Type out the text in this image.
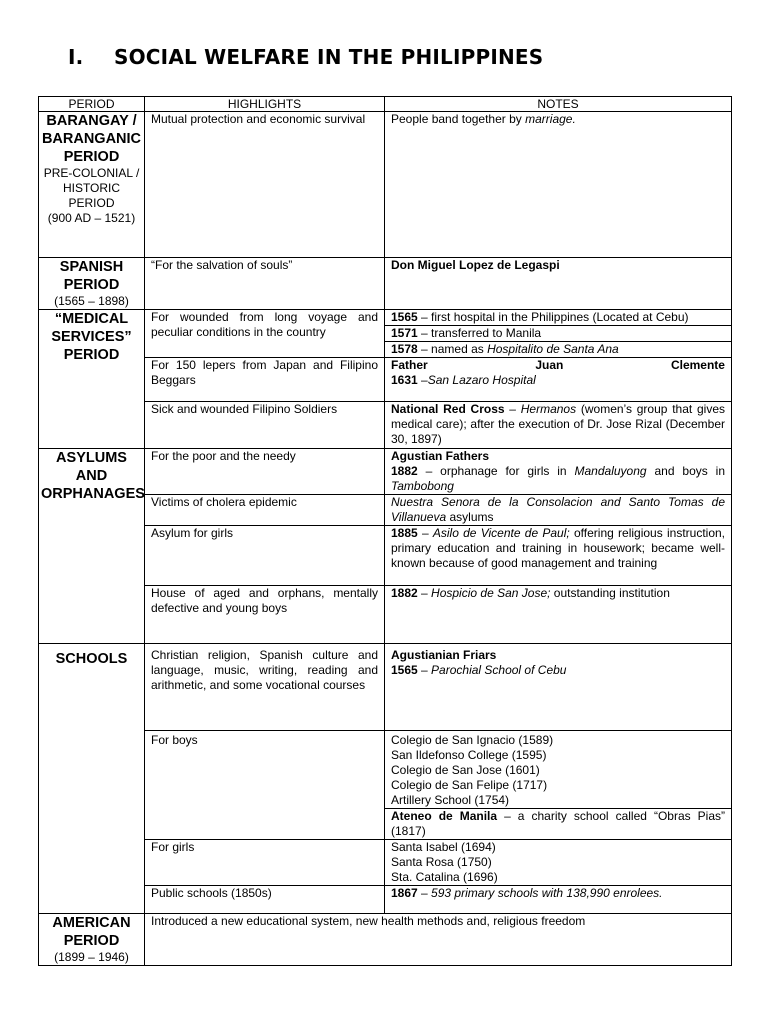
I. SOCIAL WELFARE IN THE PHILIPPINES
PERIOD	HIGHLIGHTS	NOTES

BARANGAY / BARANGANIC PERIOD
PRE-COLONIAL / HISTORIC PERIOD
(900 AD – 1521)	Mutual protection and economic survival	People band together by marriage.

SPANISH PERIOD
(1565 – 1898)	“For the salvation of souls”	Don Miguel Lopez de Legaspi

“MEDICAL SERVICES” PERIOD	For wounded from long voyage and peculiar conditions in the country	1565 – first hospital in the Philippines (Located at Cebu)
		1571 – transferred to Manila
		1578 – named as Hospitalito de Santa Ana
	For 150 lepers from Japan and Filipino Beggars	Father Juan Clemente
1631 –San Lazaro Hospital

	Sick and wounded Filipino Soldiers	National Red Cross – Hermanos (women’s group that gives medical care); after the execution of Dr. Jose Rizal (December 30, 1897)

ASYLUMS AND ORPHANAGES	For the poor and the needy	Agustian Fathers
1882 – orphanage for girls in Mandaluyong and boys in Tambobong
	Victims of cholera epidemic	Nuestra Senora de la Consolacion and Santo Tomas de Villanueva asylums
	Asylum for girls	1885 – Asilo de Vicente de Paul; offering religious instruction, primary education and training in housework; became well-known because of good management and training
	House of aged and orphans, mentally defective and young boys	1882 – Hospicio de San Jose; outstanding institution

SCHOOLS	Christian religion, Spanish culture and language, music, writing, reading and arithmetic, and some vocational courses	Agustianian Friars
1565 – Parochial School of Cebu
	For boys	Colegio de San Ignacio (1589)
San Ildefonso College (1595)
Colegio de San Jose (1601)
Colegio de San Felipe (1717)
Artillery School (1754)

		Ateneo de Manila – a charity school called “Obras Pias” (1817)
	For girls	Santa Isabel (1694)
Santa Rosa (1750)
Sta. Catalina (1696)

	Public schools (1850s)	1867 – 593 primary schools with 138,990 enrolees.

AMERICAN PERIOD
(1899 – 1946)	Introduced a new educational system, new health methods and, religious freedom	
